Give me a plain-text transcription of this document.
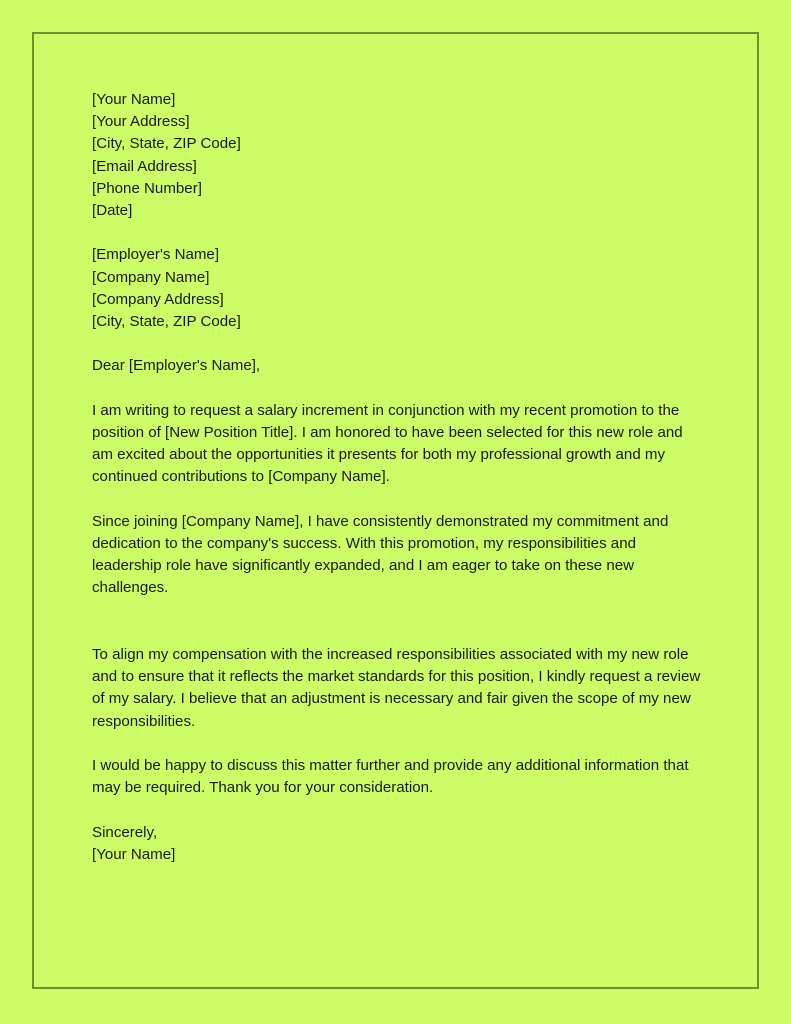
[Your Name]
[Your Address]
[City, State, ZIP Code]
[Email Address]
[Phone Number]
[Date]
[Employer's Name]
[Company Name]
[Company Address]
[City, State, ZIP Code]
Dear [Employer's Name],

I am writing to request a salary increment in conjunction with my recent promotion to the position of [New Position Title]. I am honored to have been selected for this new role and am excited about the opportunities it presents for both my professional growth and my continued contributions to [Company Name].

Since joining [Company Name], I have consistently demonstrated my commitment and dedication to the company's success. With this promotion, my responsibilities and leadership role have significantly expanded, and I am eager to take on these new challenges.

To align my compensation with the increased responsibilities associated with my new role and to ensure that it reflects the market standards for this position, I kindly request a review of my salary. I believe that an adjustment is necessary and fair given the scope of my new responsibilities.

I would be happy to discuss this matter further and provide any additional information that may be required. Thank you for your consideration.

Sincerely,
[Your Name]
